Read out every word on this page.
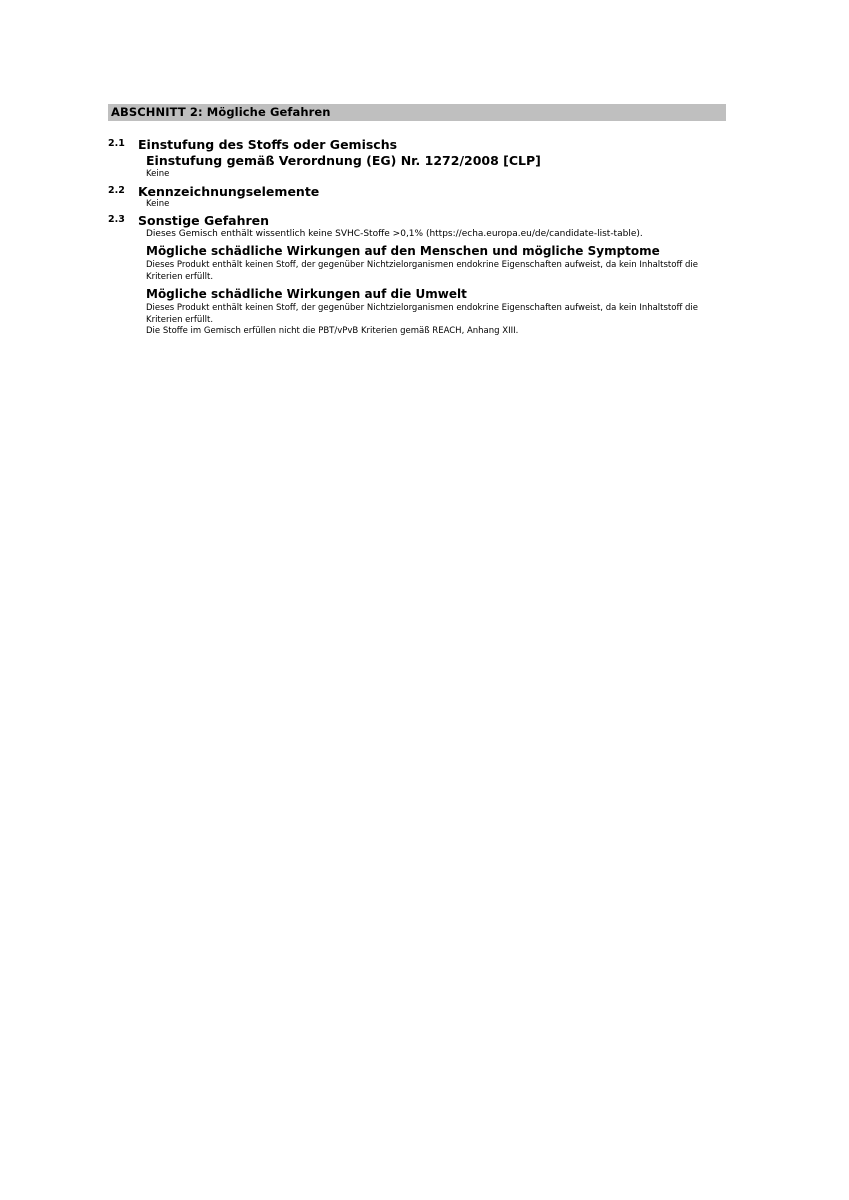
ABSCHNITT 2: Mögliche Gefahren
2.1	Einstufung des Stoffs oder Gemischs
Einstufung gemäß Verordnung (EG) Nr. 1272/2008 [CLP]
Keine
2.2	Kennzeichnungselemente
Keine
2.3	Sonstige Gefahren
Dieses Gemisch enthält wissentlich keine SVHC-Stoffe >0,1% (https://echa.europa.eu/de/candidate-list-table).
Mögliche schädliche Wirkungen auf den Menschen und mögliche Symptome
Dieses Produkt enthält keinen Stoff, der gegenüber Nichtzielorganismen endokrine Eigenschaften aufweist, da kein Inhaltstoff die Kriterien erfüllt.
Mögliche schädliche Wirkungen auf die Umwelt
Dieses Produkt enthält keinen Stoff, der gegenüber Nichtzielorganismen endokrine Eigenschaften aufweist, da kein Inhaltstoff die Kriterien erfüllt.
Die Stoffe im Gemisch erfüllen nicht die PBT/vPvB Kriterien gemäß REACH, Anhang XIII.
